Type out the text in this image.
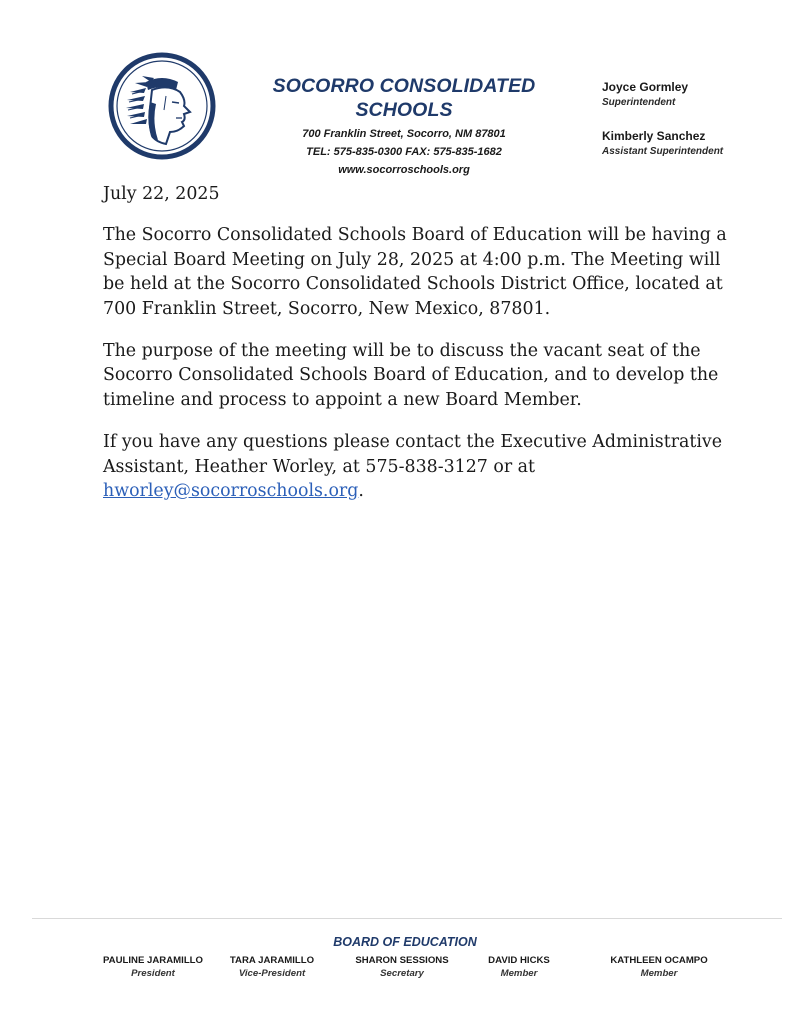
SOCORRO CONSOLIDATED SCHOOLS
700 Franklin Street, Socorro, NM 87801
TEL: 575-835-0300 FAX: 575-835-1682
www.socorroschools.org
Joyce Gormley
Superintendent
Kimberly Sanchez
Assistant Superintendent

July 22, 2025

The Socorro Consolidated Schools Board of Education will be having a Special Board Meeting on July 28, 2025 at 4:00 p.m. The Meeting will be held at the Socorro Consolidated Schools District Office, located at 700 Franklin Street, Socorro, New Mexico, 87801.

The purpose of the meeting will be to discuss the vacant seat of the Socorro Consolidated Schools Board of Education, and to develop the timeline and process to appoint a new Board Member.

If you have any questions please contact the Executive Administrative Assistant, Heather Worley, at 575-838-3127 or at hworley@socorroschools.org.

BOARD OF EDUCATION
PAULINE JARAMILLO
President
TARA JARAMILLO
Vice-President
SHARON SESSIONS
Secretary
DAVID HICKS
Member
KATHLEEN OCAMPO
Member
